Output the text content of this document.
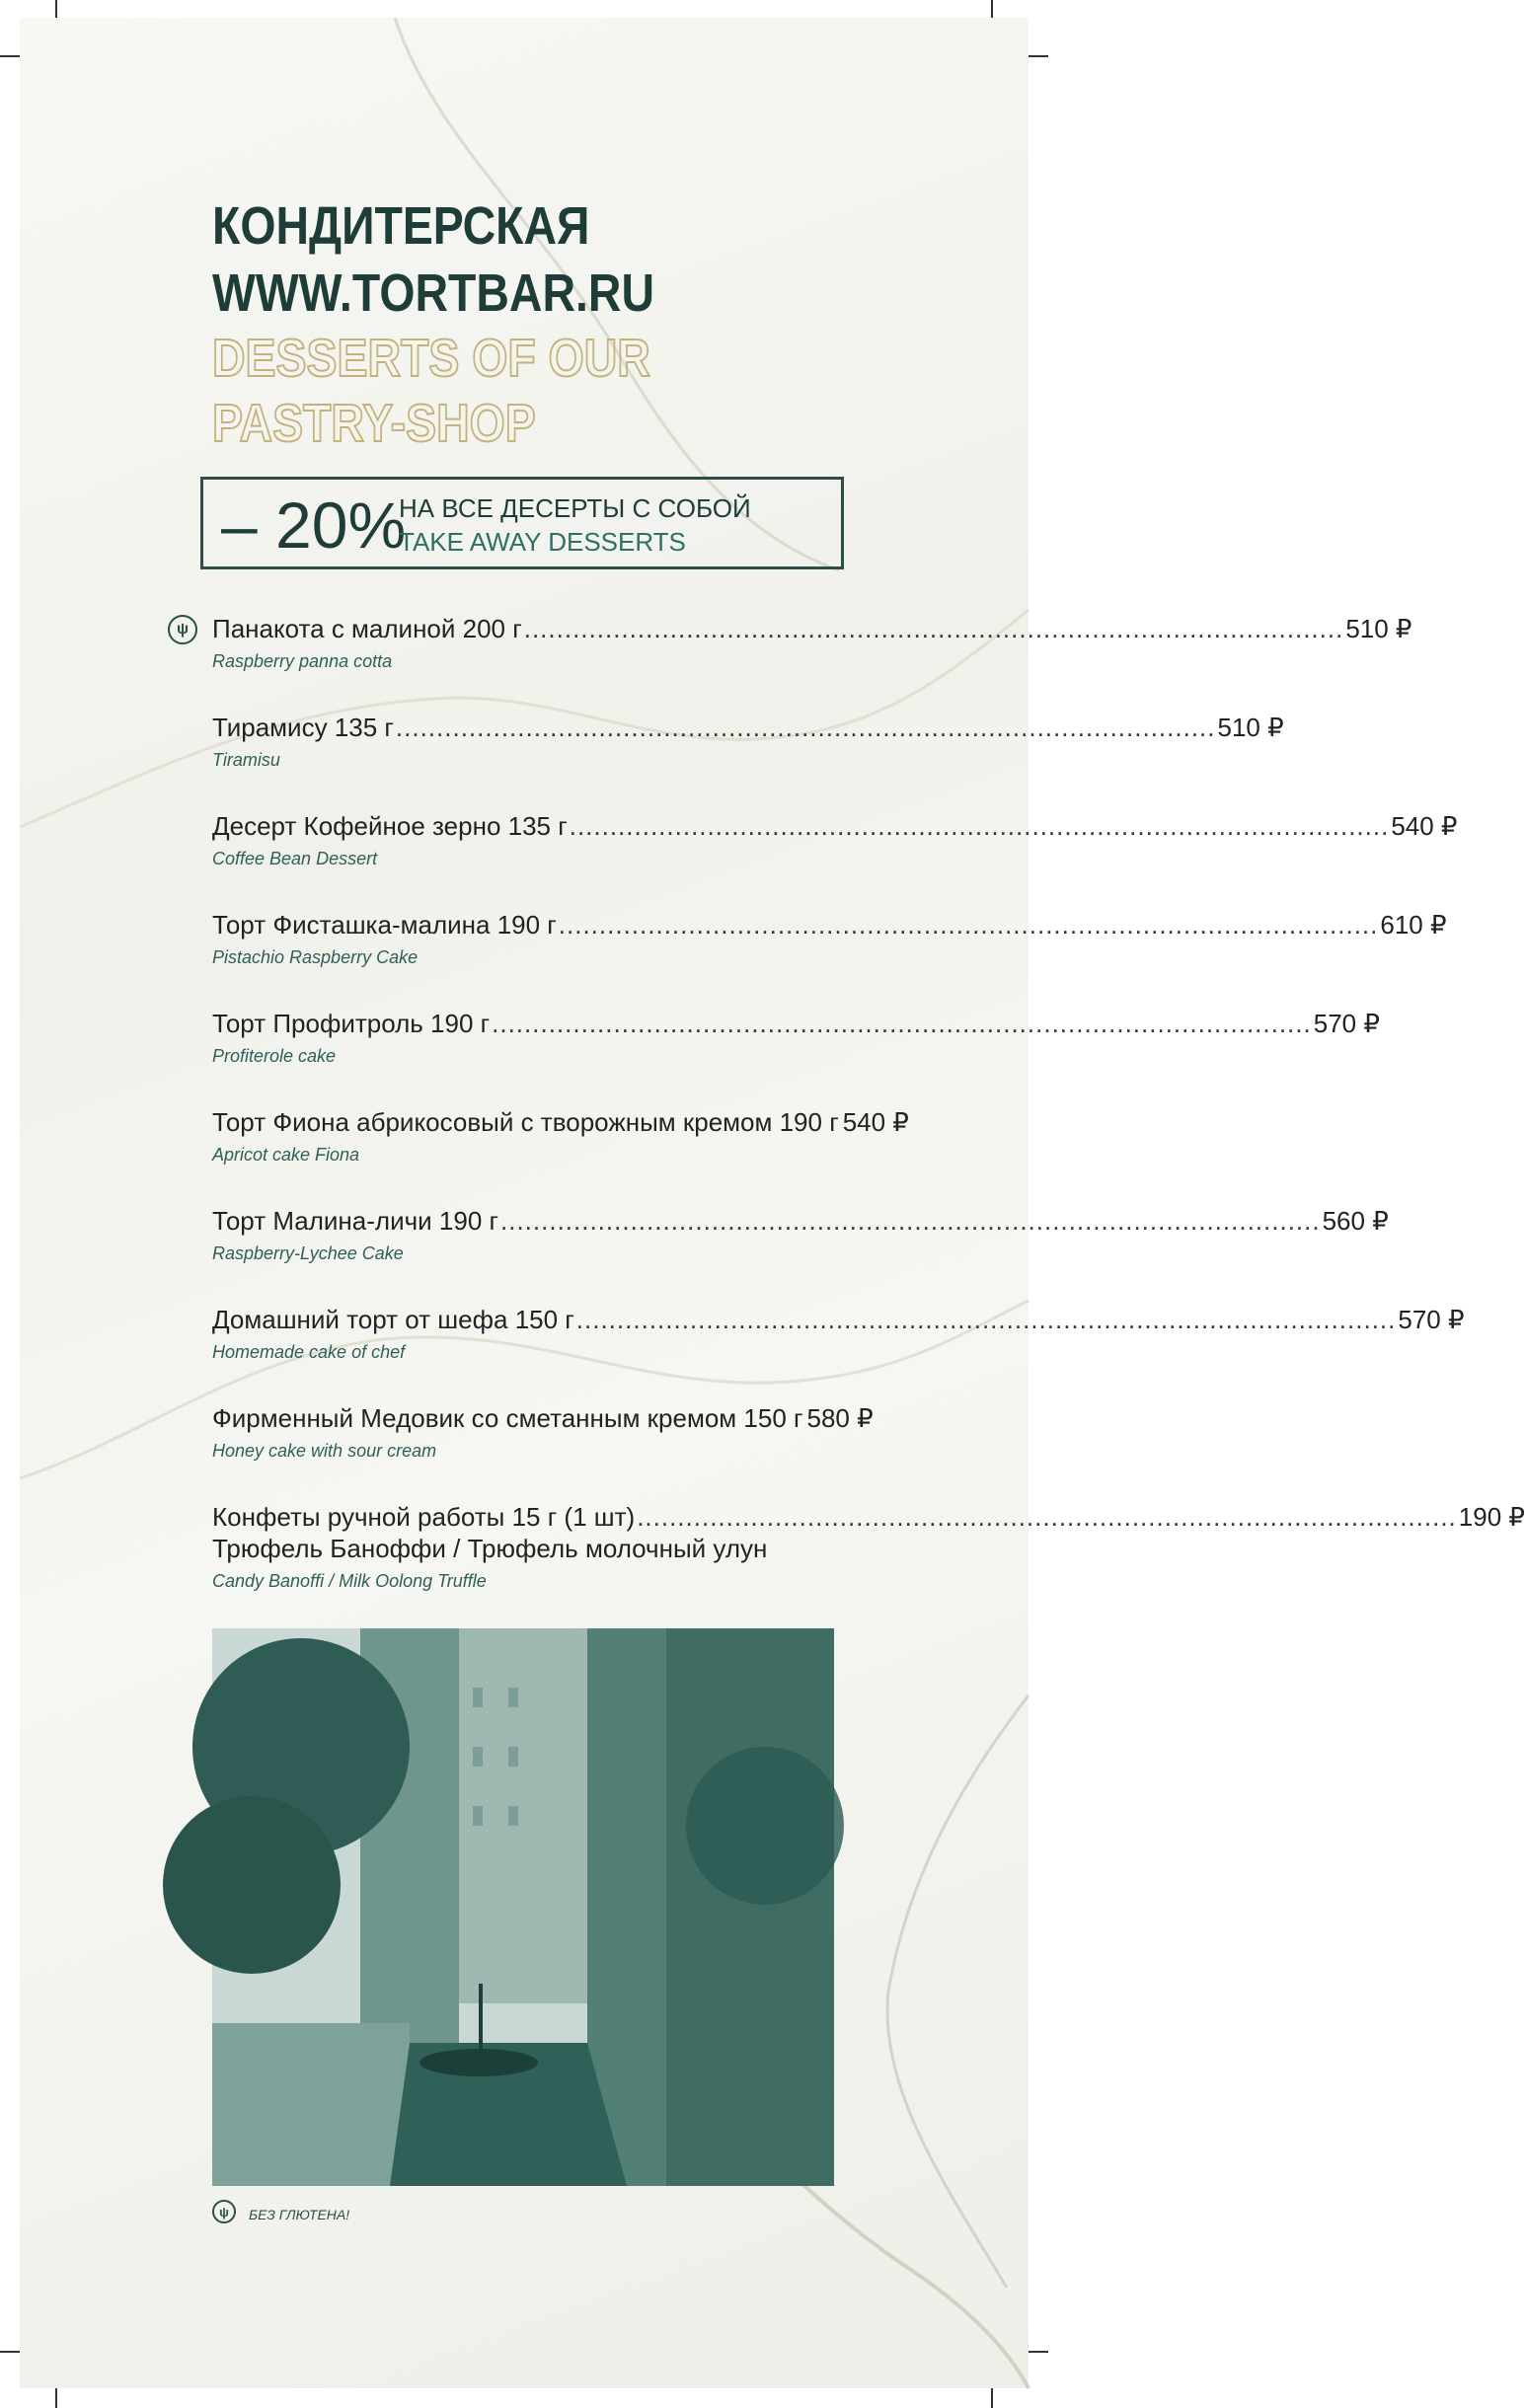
КОНДИТЕРСКАЯ
WWW.TORTBAR.RU
DESSERTS OF OUR
PASTRY-SHOP
– 20%
НА ВСЕ ДЕСЕРТЫ С СОБОЙ
TAKE AWAY DESSERTS
ψ Панакота с малиной 200 г ..................................................................................................... 510 ₽
Raspberry panna cotta
Тирамису 135 г ..................................................................................................... 510 ₽
Tiramisu
Десерт Кофейное зерно 135 г ..................................................................................................... 540 ₽
Coffee Bean Dessert
Торт Фисташка-малина 190 г ..................................................................................................... 610 ₽
Pistachio Raspberry Cake
Торт Профитроль 190 г ..................................................................................................... 570 ₽
Profiterole cake
Торт Фиона абрикосовый с творожным кремом 190 г 540 ₽
Apricot cake Fiona
Торт Малина-личи 190 г ..................................................................................................... 560 ₽
Raspberry-Lychee Cake
Домашний торт от шефа 150 г ..................................................................................................... 570 ₽
Homemade cake of chef
Фирменный Медовик со сметанным кремом 150 г 580 ₽
Honey cake with sour cream
Конфеты ручной работы 15 г (1 шт) ..................................................................................................... 190 ₽
Трюфель Баноффи / Трюфель молочный улун
Candy Banoffi / Milk Oolong Truffle
ψ	БЕЗ ГЛЮТЕНА!
